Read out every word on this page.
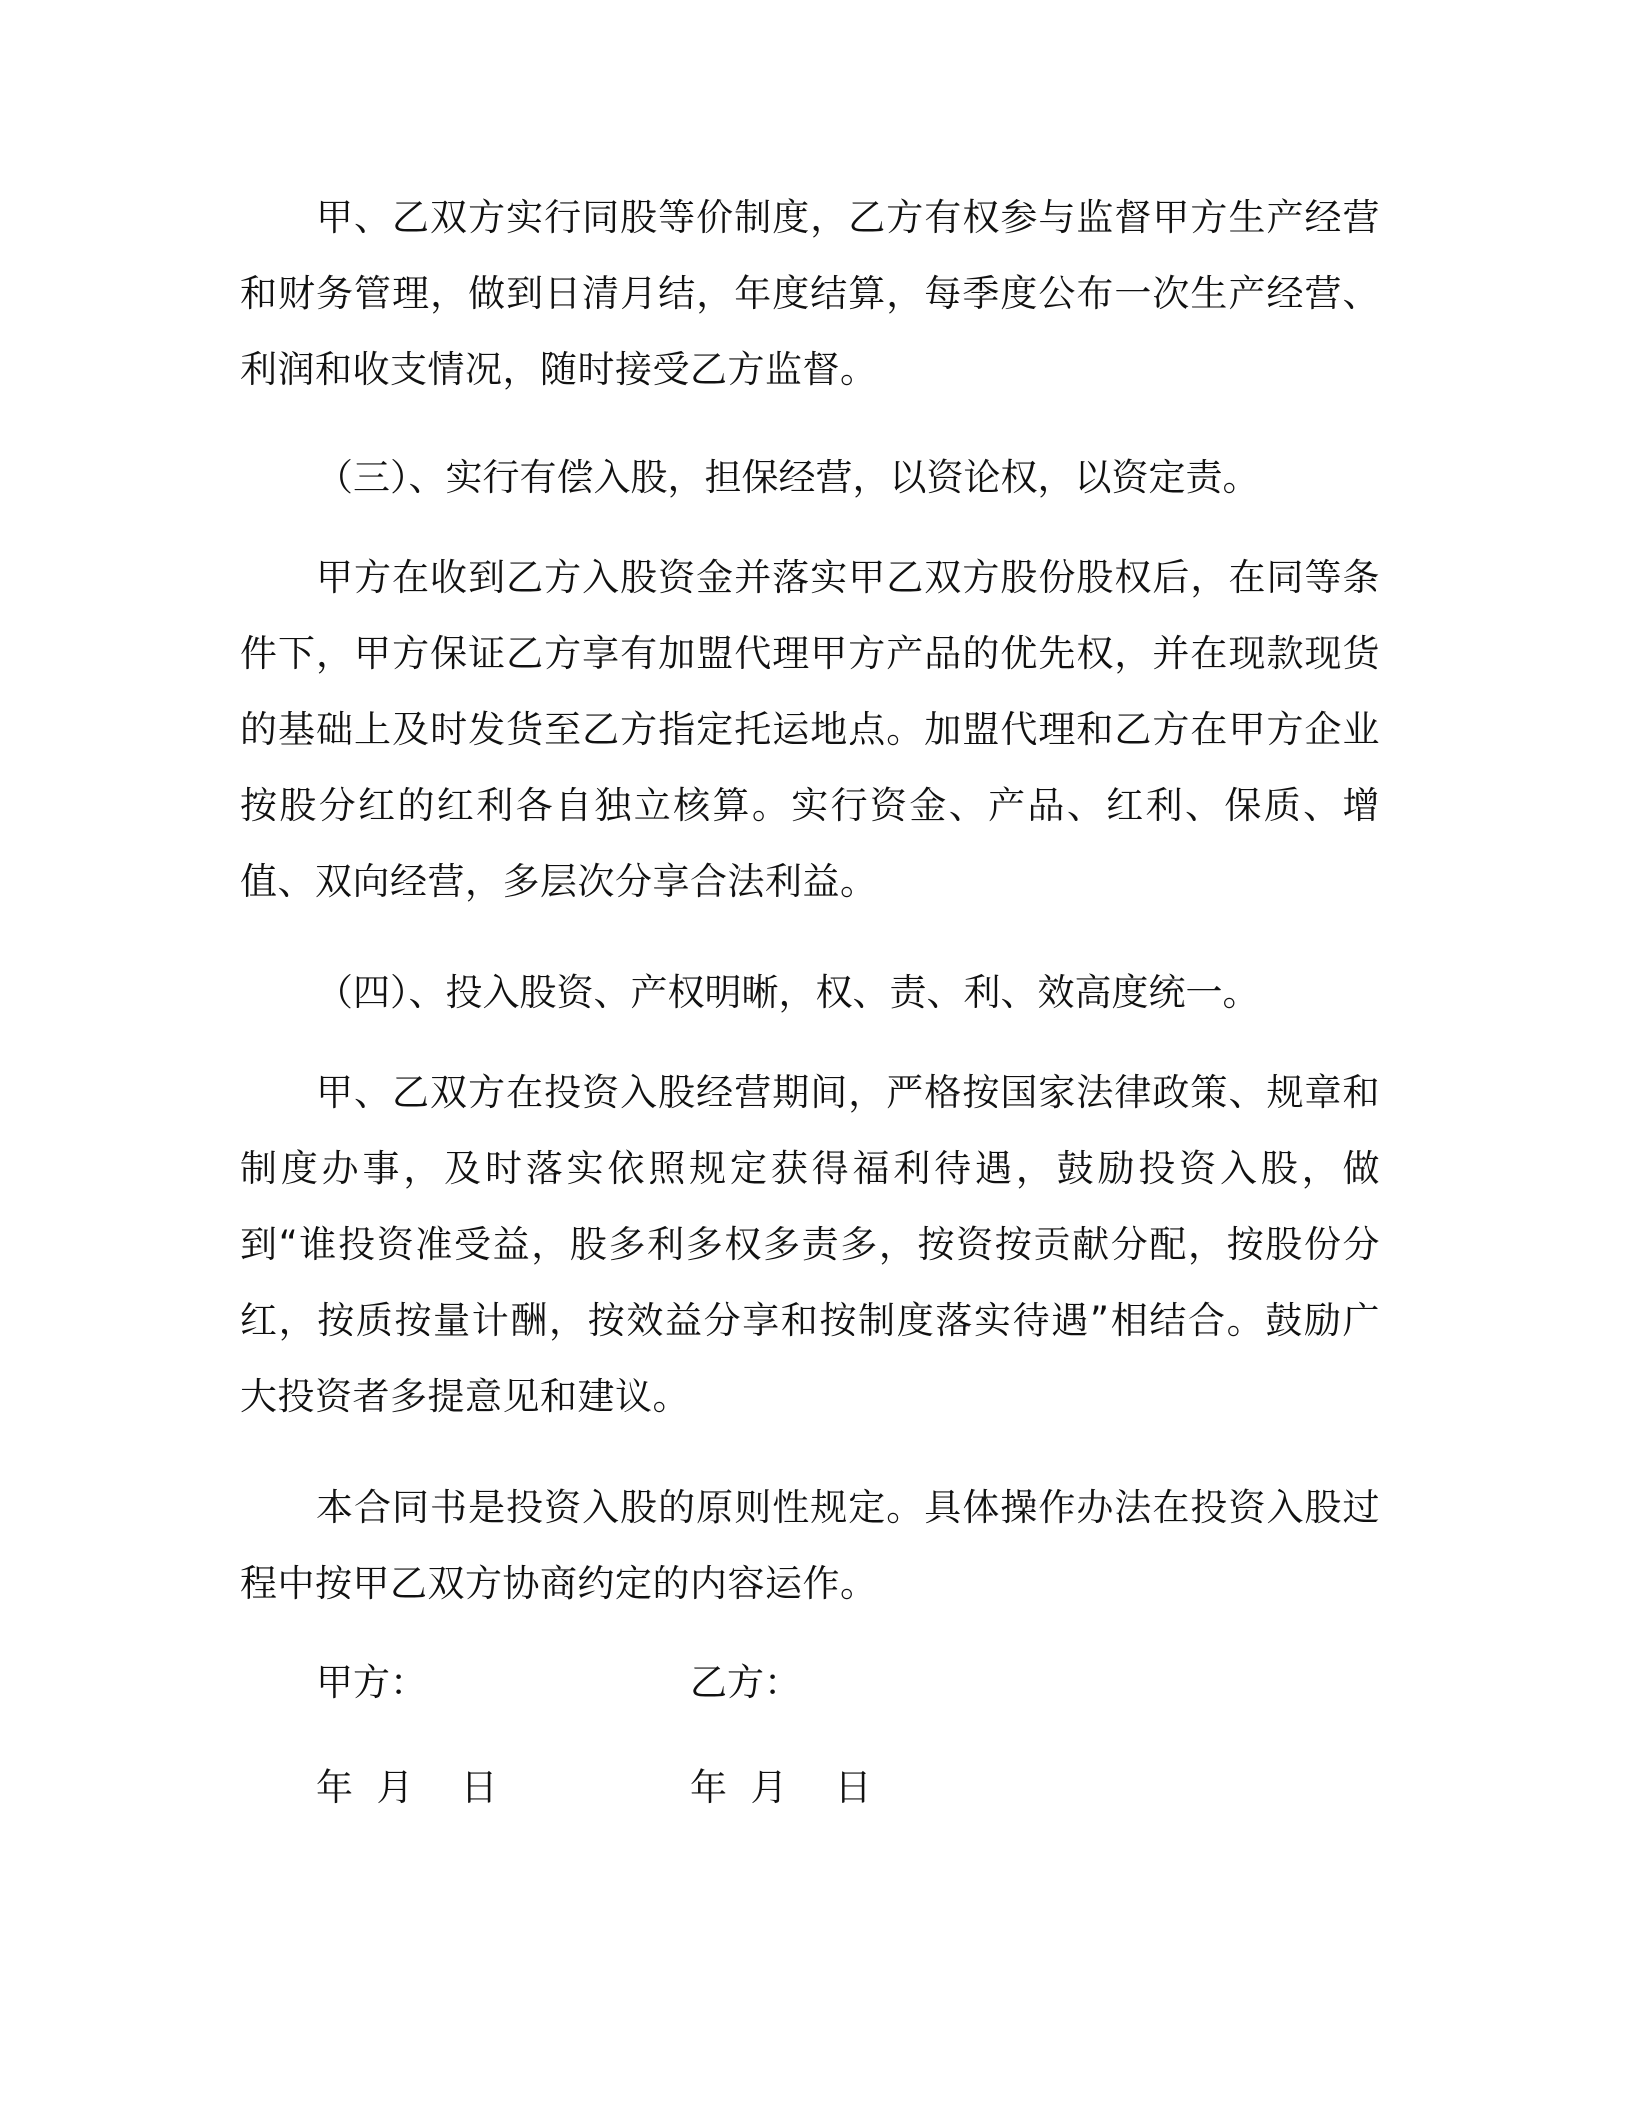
甲、乙双方实行同股等价制度，乙方有权参与监督甲方生产经营和财务管理，做到日清月结，年度结算，每季度公布一次生产经营、利润和收支情况，随时接受乙方监督。

（三）、实行有偿入股，担保经营，以资论权，以资定责。

甲方在收到乙方入股资金并落实甲乙双方股份股权后，在同等条件下，甲方保证乙方享有加盟代理甲方产品的优先权，并在现款现货的基础上及时发货至乙方指定托运地点。加盟代理和乙方在甲方企业按股分红的红利各自独立核算。实行资金、产品、红利、保质、增值、双向经营，多层次分享合法利益。

（四）、投入股资、产权明晰，权、责、利、效高度统一。

甲、乙双方在投资入股经营期间，严格按国家法律政策、规章和制度办事，及时落实依照规定获得福利待遇，鼓励投资入股，做到“谁投资准受益，股多利多权多责多，按资按贡献分配，按股份分红，按质按量计酬，按效益分享和按制度落实待遇”相结合。鼓励广大投资者多提意见和建议。

本合同书是投资入股的原则性规定。具体操作办法在投资入股过程中按甲乙双方协商约定的内容运作。

甲方：	乙方：

年  月    日	年  月    日
